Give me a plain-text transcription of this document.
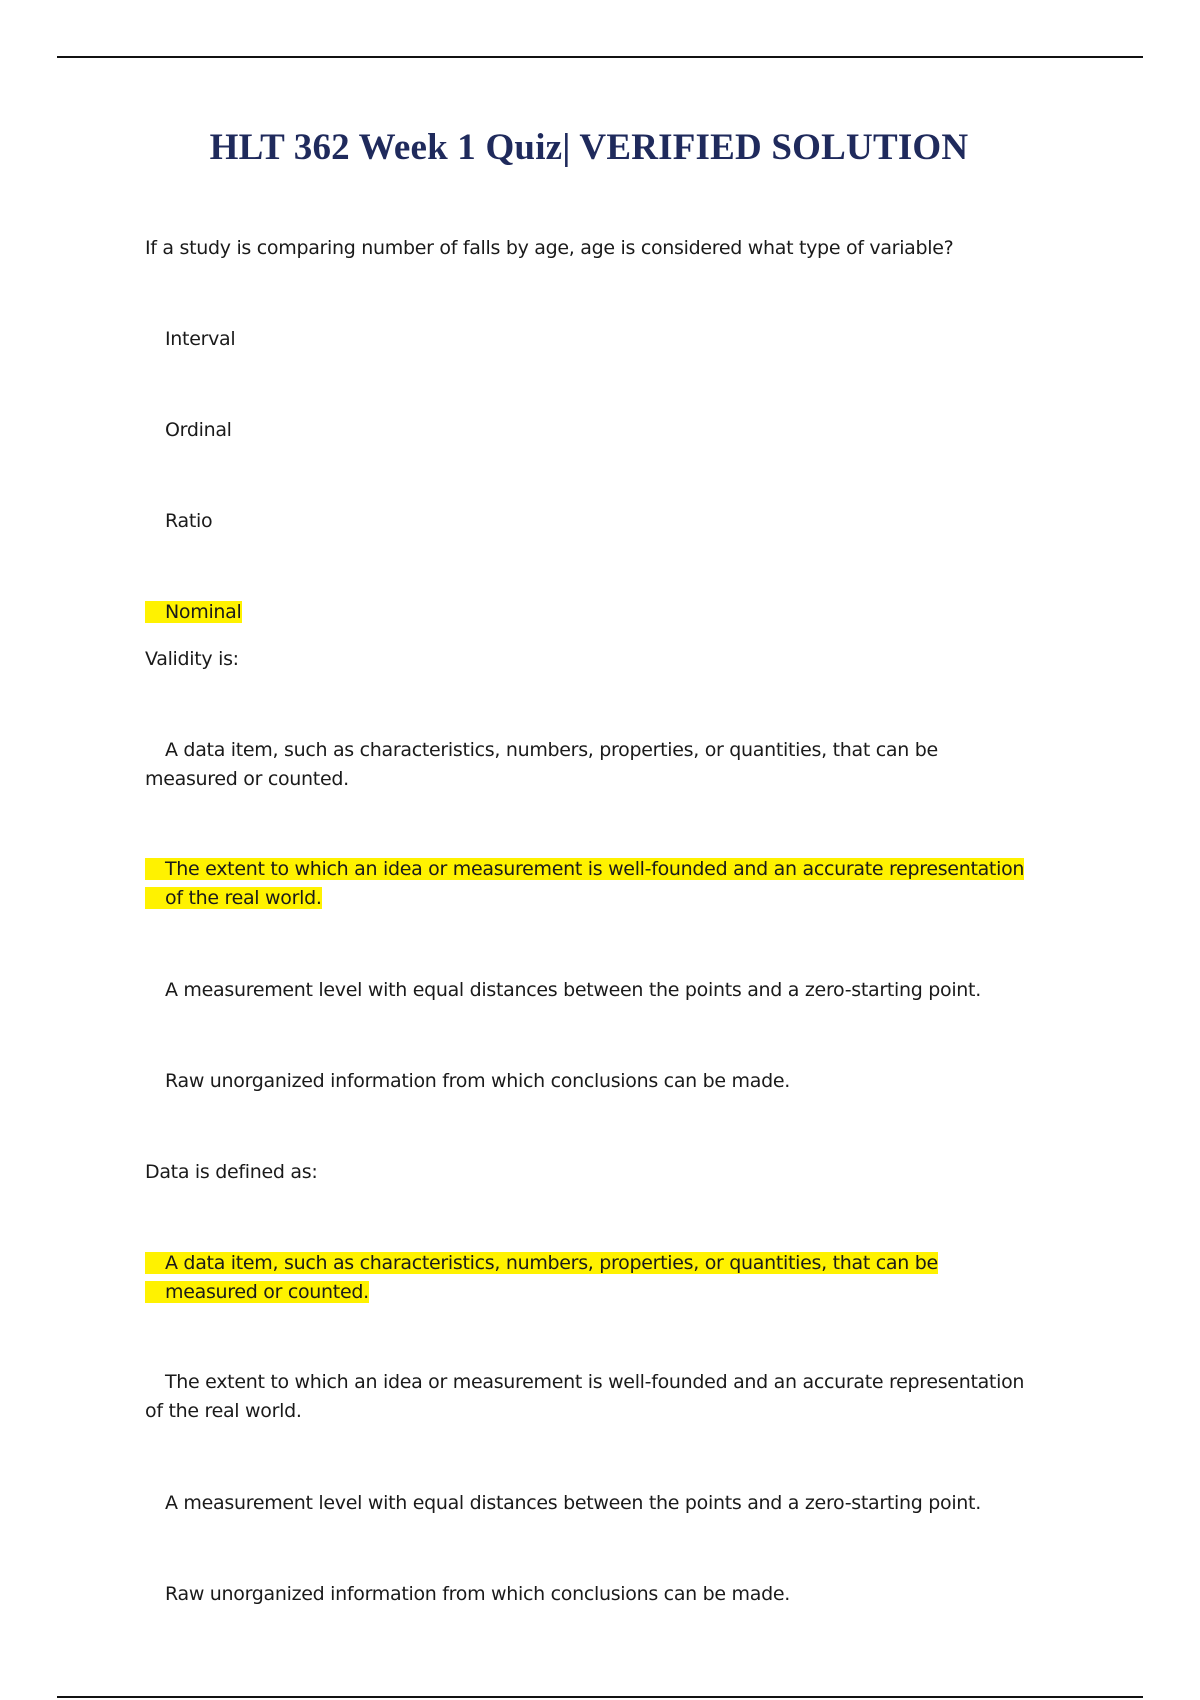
HLT 362 Week 1 Quiz| VERIFIED SOLUTION

If a study is comparing number of falls by age, age is considered what type of variable?

Interval

Ordinal

Ratio

Nominal

Validity is:

A data item, such as characteristics, numbers, properties, or quantities, that can be measured or counted.

The extent to which an idea or measurement is well-founded and an accurate representation of the real world.

A measurement level with equal distances between the points and a zero-starting point.

Raw unorganized information from which conclusions can be made.

Data is defined as:

A data item, such as characteristics, numbers, properties, or quantities, that can be measured or counted.

The extent to which an idea or measurement is well-founded and an accurate representation of the real world.

A measurement level with equal distances between the points and a zero-starting point.

Raw unorganized information from which conclusions can be made.
